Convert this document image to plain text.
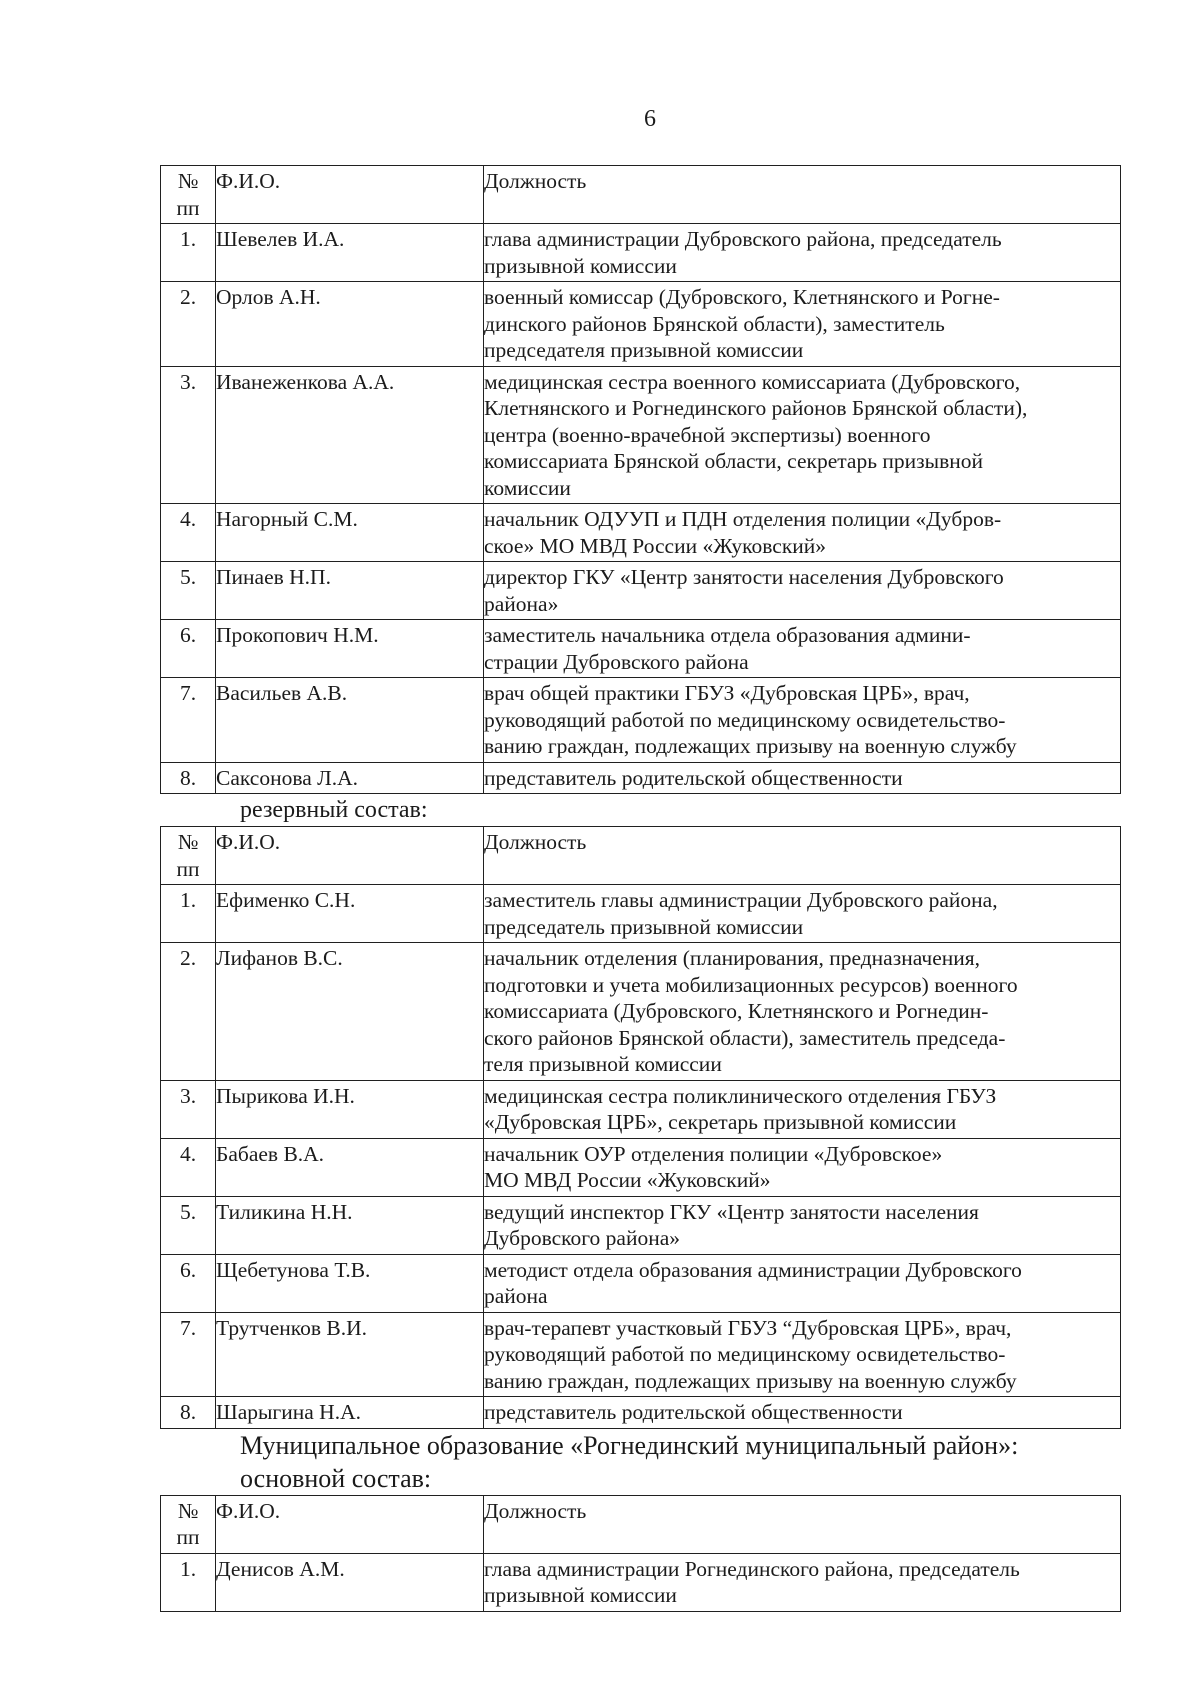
6
№
пп	Ф.И.О.	Должность
1.	Шевелев И.А.	глава администрации Дубровского района, председатель
призывной комиссии
2.	Орлов А.Н.	военный комиссар (Дубровского, Клетнянского и Рогне-
динского районов Брянской области), заместитель
председателя призывной комиссии
3.	Иванеженкова А.А.	медицинская сестра военного комиссариата (Дубровского,
Клетнянского и Рогнединского районов Брянской области),
центра (военно-врачебной экспертизы) военного
комиссариата Брянской области, секретарь призывной
комиссии
4.	Нагорный С.М.	начальник ОДУУП и ПДН отделения полиции «Дубров-
ское» МО МВД России «Жуковский»
5.	Пинаев Н.П.	директор ГКУ «Центр занятости населения Дубровского
района»
6.	Прокопович Н.М.	заместитель начальника отдела образования админи-
страции Дубровского района
7.	Васильев А.В.	врач общей практики ГБУЗ «Дубровская ЦРБ», врач,
руководящий работой по медицинскому освидетельство-
ванию граждан, подлежащих призыву на военную службу
8.	Саксонова Л.А.	представитель родительской общественности
резервный состав:
№
пп	Ф.И.О.	Должность
1.	Ефименко С.Н.	заместитель главы администрации Дубровского района,
председатель призывной комиссии
2.	Лифанов В.С.	начальник отделения (планирования, предназначения,
подготовки и учета мобилизационных ресурсов) военного
комиссариата (Дубровского, Клетнянского и Рогнедин-
ского районов Брянской области), заместитель председа-
теля призывной комиссии
3.	Пырикова И.Н.	медицинская сестра поликлинического отделения ГБУЗ
«Дубровская ЦРБ», секретарь призывной комиссии
4.	Бабаев В.А.	начальник ОУР отделения полиции «Дубровское»
МО МВД России «Жуковский»
5.	Тиликина Н.Н.	ведущий инспектор ГКУ «Центр занятости населения
Дубровского района»
6.	Щебетунова Т.В.	методист отдела образования администрации Дубровского
района
7.	Трутченков В.И.	врач-терапевт участковый ГБУЗ “Дубровская ЦРБ», врач,
руководящий работой по медицинскому освидетельство-
ванию граждан, подлежащих призыву на военную службу
8.	Шарыгина Н.А.	представитель родительской общественности
Муниципальное образование «Рогнединский муниципальный район»:
основной состав:
№
пп	Ф.И.О.	Должность
1.	Денисов А.М.	глава администрации Рогнединского района, председатель
призывной комиссии
